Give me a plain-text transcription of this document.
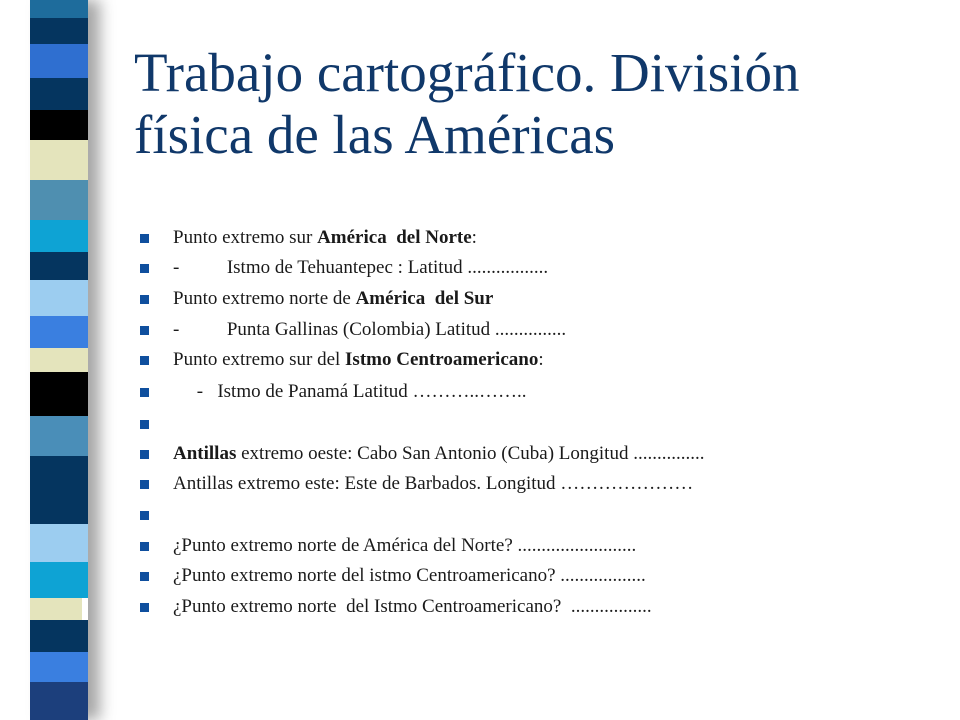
Trabajo cartográfico. División
física de las Américas
Punto extremo sur América  del Norte :
-          Istmo de Tehuantepec : Latitud .................
Punto extremo norte de América  del Sur
-          Punta Gallinas (Colombia) Latitud ...............
Punto extremo sur del Istmo Centroamericano :
-   Istmo de Panamá Latitud ………..……..
Antillas extremo oeste: Cabo San Antonio (Cuba) Longitud ...............
Antillas extremo este: Este de Barbados. Longitud …………………
¿Punto extremo norte de América del Norte? .........................
¿Punto extremo norte del istmo Centroamericano? ..................
¿Punto extremo norte  del Istmo Centroamericano?  .................
